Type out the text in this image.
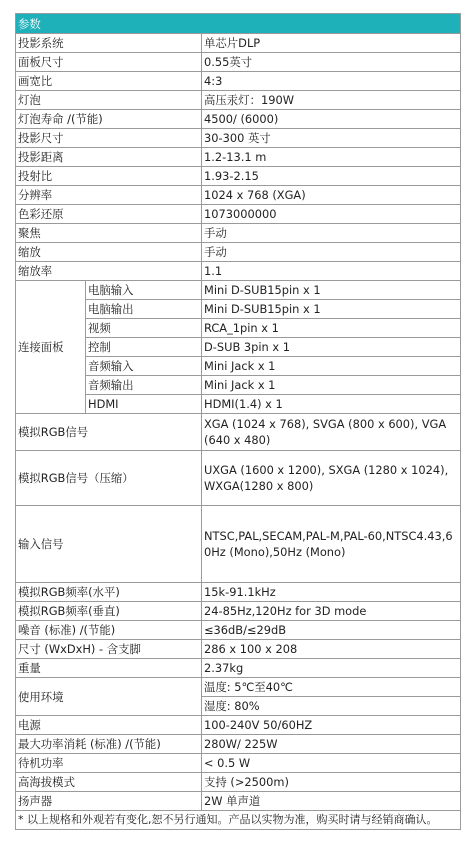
参数		
投影系统		单芯片DLP
面板尺寸		0.55英寸
画宽比		4:3
灯泡		高压汞灯：190W
灯泡寿命 /(节能)		4500/ (6000)
投影尺寸		30-300 英寸
投影距离		1.2-13.1 m
投射比		1.93-2.15
分辨率		1024 x 768 (XGA)
色彩还原		1073000000
聚焦		手动
缩放		手动
缩放率		1.1
连接面板	电脑输入	Mini D-SUB15pin x 1
	电脑输出	Mini D-SUB15pin x 1
	视频	RCA_1pin x 1
	控制	D-SUB 3pin x 1
	音频输入	Mini Jack x 1
	音频输出	Mini Jack x 1
	HDMI	HDMI(1.4) x 1
模拟RGB信号		XGA (1024 x 768), SVGA (800 x 600), VGA (640 x 480)
模拟RGB信号（压缩）		UXGA (1600 x 1200), SXGA (1280 x 1024),WXGA(1280 x 800)
输入信号		NTSC,PAL,SECAM,PAL-M,PAL-60,NTSC4.43,60Hz (Mono),50Hz (Mono)
模拟RGB频率(水平)		15k-91.1kHz
模拟RGB频率(垂直)		24-85Hz,120Hz for 3D mode
噪音 (标准) /(节能)		≤36dB/≤29dB
尺寸 (WxDxH) - 含支脚		286 x 100 x 208
重量		2.37kg
使用环境		温度: 5℃至40℃
		湿度: 80%
电源		100-240V 50/60HZ
最大功率消耗 (标准) /(节能)		280W/ 225W
待机功率		< 0.5 W
高海拔模式		支持 (>2500m)
扬声器		2W 单声道
* 以上规格和外观若有变化,恕不另行通知。产品以实物为准，购买时请与经销商确认。		
